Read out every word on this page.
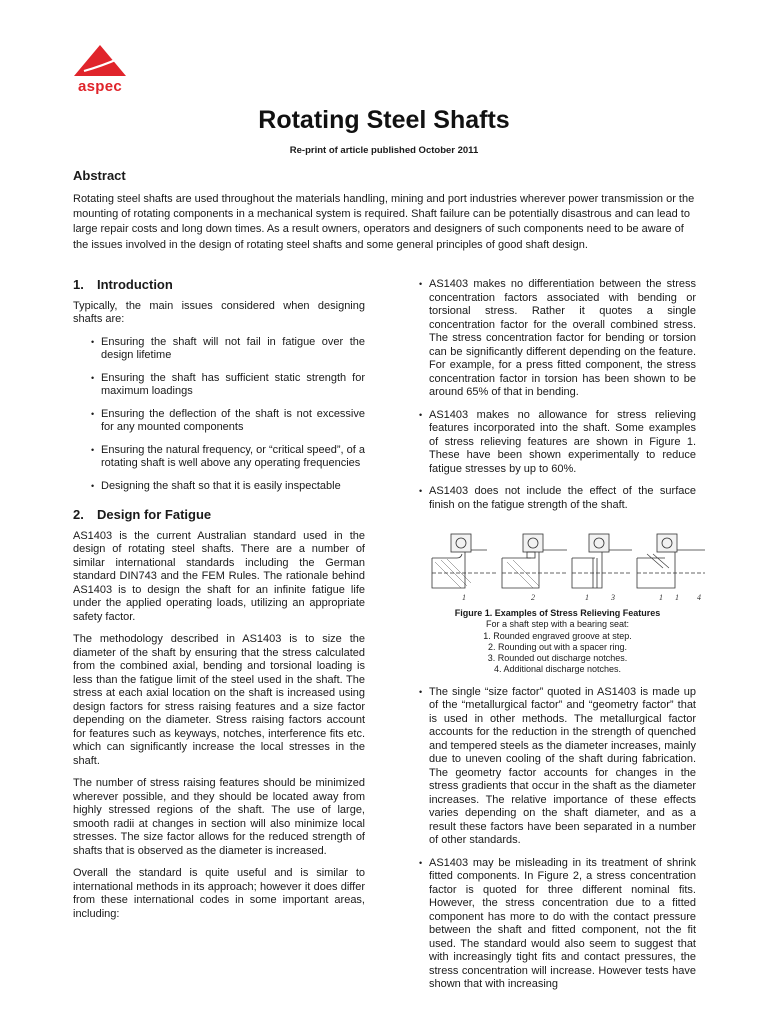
aspec
Rotating Steel Shafts

Re-print of article published October 2011

Abstract

Rotating steel shafts are used throughout the materials handling, mining and port industries wherever power transmission or the mounting of rotating components in a mechanical system is required. Shaft failure can be potentially disastrous and can lead to large repair costs and long down times. As a result owners, operators and designers of such components need to be aware of the issues involved in the design of rotating steel shafts and some general principles of good shaft design.

1. Introduction

Typically, the main issues considered when designing shafts are:

• Ensuring the shaft will not fail in fatigue over the design lifetime
• Ensuring the shaft has sufficient static strength for maximum loadings
• Ensuring the deflection of the shaft is not excessive for any mounted components
• Ensuring the natural frequency, or “critical speed”, of a rotating shaft is well above any operating frequencies
• Designing the shaft so that it is easily inspectable
2. Design for Fatigue

AS1403 is the current Australian standard used in the design of rotating steel shafts. There are a number of similar international standards including the German standard DIN743 and the FEM Rules. The rationale behind AS1403 is to design the shaft for an infinite fatigue life under the applied operating loads, utilizing an appropriate safety factor.

The methodology described in AS1403 is to size the diameter of the shaft by ensuring that the stress calculated from the combined axial, bending and torsional loading is less than the fatigue limit of the steel used in the shaft. The stress at each axial location on the shaft is increased using design factors for stress raising features and a size factor depending on the diameter. Stress raising factors account for features such as keyways, notches, interference fits etc. which can significantly increase the local stresses in the shaft.

The number of stress raising features should be minimized wherever possible, and they should be located away from highly stressed regions of the shaft. The use of large, smooth radii at changes in section will also minimize local stresses. The size factor allows for the reduced strength of shafts that is observed as the diameter is increased.

Overall the standard is quite useful and is similar to international methods in its approach; however it does differ from these international codes in some important areas, including:

• AS1403 makes no differentiation between the stress concentration factors associated with bending or torsional stress. Rather it quotes a single concentration factor for the overall combined stress. The stress concentration factor for bending or torsion can be significantly different depending on the feature. For example, for a press fitted component, the stress concentration factor in torsion has been shown to be around 65% of that in bending.
• AS1403 makes no allowance for stress relieving features incorporated into the shaft. Some examples of stress relieving features are shown in Figure 1. These have been shown experimentally to reduce fatigue stresses by up to 60%.
• AS1403 does not include the effect of the surface finish on the fatigue strength of the shaft.
1	2	1	3	1 1 4
Figure 1. Examples of Stress Relieving Features
For a shaft step with a bearing seat:
1. Rounded engraved groove at step.
2. Rounding out with a spacer ring.
3. Rounded out discharge notches.
4. Additional discharge notches.
• The single “size factor” quoted in AS1403 is made up of the “metallurgical factor” and “geometry factor” that is used in other methods. The metallurgical factor accounts for the reduction in the strength of quenched and tempered steels as the diameter increases, mainly due to uneven cooling of the shaft during fabrication. The geometry factor accounts for changes in the stress gradients that occur in the shaft as the diameter increases. The relative importance of these effects varies depending on the shaft diameter, and as a result these factors have been separated in a number of other standards.
• AS1403 may be misleading in its treatment of shrink fitted components. In Figure 2, a stress concentration factor is quoted for three different nominal fits. However, the stress concentration due to a fitted component has more to do with the contact pressure between the shaft and fitted component, not the fit used. The standard would also seem to suggest that with increasingly tight fits and contact pressures, the stress concentration will increase. However tests have shown that with increasing
